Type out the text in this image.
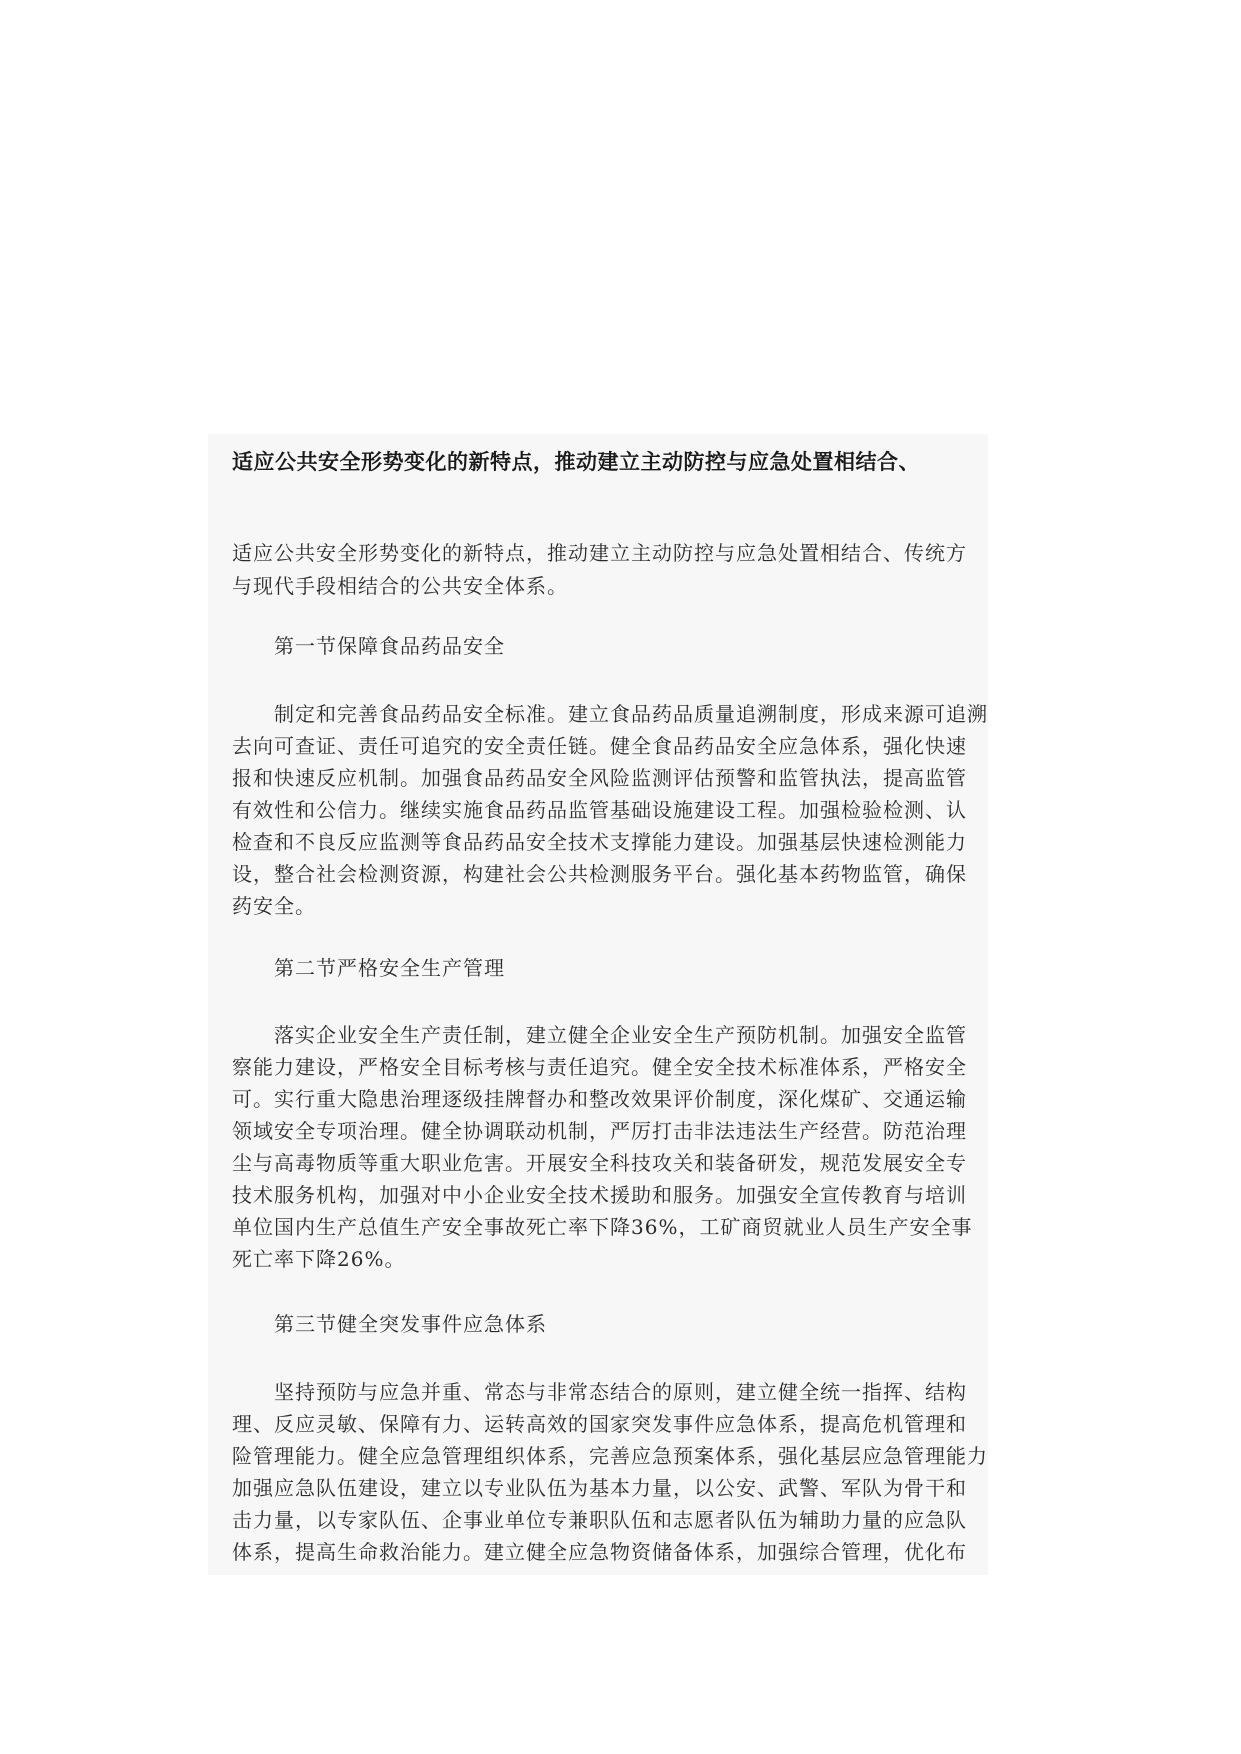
适应公共安全形势变化的新特点，推动建立主动防控与应急处置相结合、
适应公共安全形势变化的新特点，推动建立主动防控与应急处置相结合、传统方
与现代手段相结合的公共安全体系。
第一节保障食品药品安全
制定和完善食品药品安全标准。建立食品药品质量追溯制度，形成来源可追溯
去向可查证、责任可追究的安全责任链。健全食品药品安全应急体系，强化快速
报和快速反应机制。加强食品药品安全风险监测评估预警和监管执法，提高监管
有效性和公信力。继续实施食品药品监管基础设施建设工程。加强检验检测、认
检查和不良反应监测等食品药品安全技术支撑能力建设。加强基层快速检测能力
设，整合社会检测资源，构建社会公共检测服务平台。强化基本药物监管，确保
药安全。
第二节严格安全生产管理
落实企业安全生产责任制，建立健全企业安全生产预防机制。加强安全监管
察能力建设，严格安全目标考核与责任追究。健全安全技术标准体系，严格安全
可。实行重大隐患治理逐级挂牌督办和整改效果评价制度，深化煤矿、交通运输
领域安全专项治理。健全协调联动机制，严厉打击非法违法生产经营。防范治理
尘与高毒物质等重大职业危害。开展安全科技攻关和装备研发，规范发展安全专
技术服务机构，加强对中小企业安全技术援助和服务。加强安全宣传教育与培训
单位国内生产总值生产安全事故死亡率下降36%，工矿商贸就业人员生产安全事
死亡率下降26%。
第三节健全突发事件应急体系
坚持预防与应急并重、常态与非常态结合的原则，建立健全统一指挥、结构
理、反应灵敏、保障有力、运转高效的国家突发事件应急体系，提高危机管理和
险管理能力。健全应急管理组织体系，完善应急预案体系，强化基层应急管理能力
加强应急队伍建设，建立以专业队伍为基本力量，以公安、武警、军队为骨干和
击力量，以专家队伍、企事业单位专兼职队伍和志愿者队伍为辅助力量的应急队
体系，提高生命救治能力。建立健全应急物资储备体系，加强综合管理，优化布
